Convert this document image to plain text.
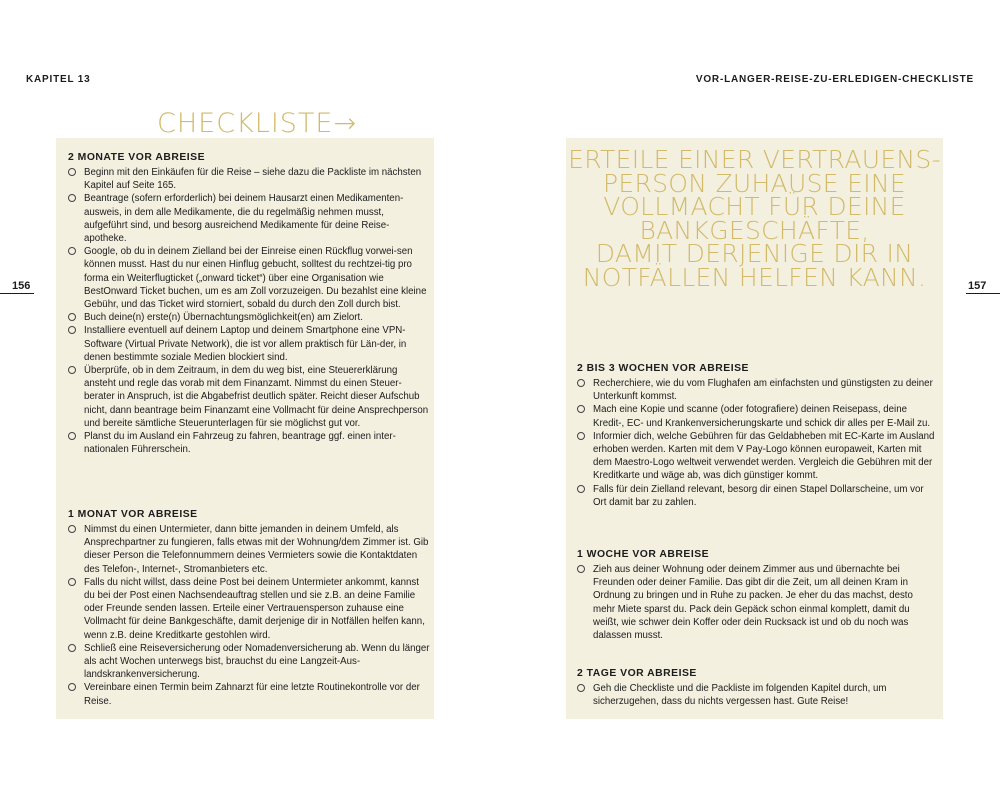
KAPITEL 13	VOR-LANGER-REISE-ZU-ERLEDIGEN-CHECKLISTE
156	157
CHECKLISTE→
ERTEILE EINER VERTRAUENS-
PERSON ZUHAUSE EINE
VOLLMACHT FÜR DEINE
BANKGESCHÄFTE,
DAMIT DERJENIGE DIR IN
NOTFÄLLEN HELFEN KANN.
2 MONATE VOR ABREISE
Beginn mit den Einkäufen für die Reise – siehe dazu die Packliste im nächsten Kapitel auf Seite 165.
Beantrage (sofern erforderlich) bei deinem Hausarzt einen Medikamenten-ausweis, in dem alle Medikamente, die du regelmäßig nehmen musst, aufgeführt sind, und besorg ausreichend Medikamente für deine Reise-apotheke.
Google, ob du in deinem Zielland bei der Einreise einen Rückflug vorwei-sen können musst. Hast du nur einen Hinflug gebucht, solltest du rechtzei-tig pro forma ein Weiterflugticket („onward ticket“) über eine Organisation wie BestOnward Ticket buchen, um es am Zoll vorzuzeigen. Du bezahlst eine kleine Gebühr, und das Ticket wird storniert, sobald du durch den Zoll durch bist.
Buch deine(n) erste(n) Übernachtungsmöglichkeit(en) am Zielort.
Installiere eventuell auf deinem Laptop und deinem Smartphone eine VPN-Software (Virtual Private Network), die ist vor allem praktisch für Län-der, in denen bestimmte soziale Medien blockiert sind.
Überprüfe, ob in dem Zeitraum, in dem du weg bist, eine Steuererklärung ansteht und regle das vorab mit dem Finanzamt. Nimmst du einen Steuer-berater in Anspruch, ist die Abgabefrist deutlich später. Reicht dieser Aufschub nicht, dann beantrage beim Finanzamt eine Vollmacht für deine Ansprechperson und bereite sämtliche Steuerunterlagen für sie möglichst gut vor.
Planst du im Ausland ein Fahrzeug zu fahren, beantrage ggf. einen inter-nationalen Führerschein.
1 MONAT VOR ABREISE
Nimmst du einen Untermieter, dann bitte jemanden in deinem Umfeld, als Ansprechpartner zu fungieren, falls etwas mit der Wohnung/dem Zimmer ist. Gib dieser Person die Telefonnummern deines Vermieters sowie die Kontaktdaten des Telefon-, Internet-, Stromanbieters etc.
Falls du nicht willst, dass deine Post bei deinem Untermieter ankommt, kannst du bei der Post einen Nachsendeauftrag stellen und sie z.B. an deine Familie oder Freunde senden lassen. Erteile einer Vertrauensperson zuhause eine Vollmacht für deine Bankgeschäfte, damit derjenige dir in Notfällen helfen kann, wenn z.B. deine Kreditkarte gestohlen wird.
Schließ eine Reiseversicherung oder Nomadenversicherung ab. Wenn du länger als acht Wochen unterwegs bist, brauchst du eine Langzeit-Aus-landskrankenversicherung.
Vereinbare einen Termin beim Zahnarzt für eine letzte Routinekontrolle vor der Reise.
2 BIS 3 WOCHEN VOR ABREISE
Recherchiere, wie du vom Flughafen am einfachsten und günstigsten zu deiner Unterkunft kommst.
Mach eine Kopie und scanne (oder fotografiere) deinen Reisepass, deine Kredit-, EC- und Krankenversicherungskarte und schick dir alles per E-Mail zu.
Informier dich, welche Gebühren für das Geldabheben mit EC-Karte im Ausland erhoben werden. Karten mit dem V Pay-Logo können europaweit, Karten mit dem Maestro-Logo weltweit verwendet werden. Vergleich die Gebühren mit der Kreditkarte und wäge ab, was dich günstiger kommt.
Falls für dein Zielland relevant, besorg dir einen Stapel Dollarscheine, um vor Ort damit bar zu zahlen.
1 WOCHE VOR ABREISE
Zieh aus deiner Wohnung oder deinem Zimmer aus und übernachte bei Freunden oder deiner Familie. Das gibt dir die Zeit, um all deinen Kram in Ordnung zu bringen und in Ruhe zu packen. Je eher du das machst, desto mehr Miete sparst du. Pack dein Gepäck schon einmal komplett, damit du weißt, wie schwer dein Koffer oder dein Rucksack ist und ob du noch was dalassen musst.
2 TAGE VOR ABREISE
Geh die Checkliste und die Packliste im folgenden Kapitel durch, um sicherzugehen, dass du nichts vergessen hast. Gute Reise!
